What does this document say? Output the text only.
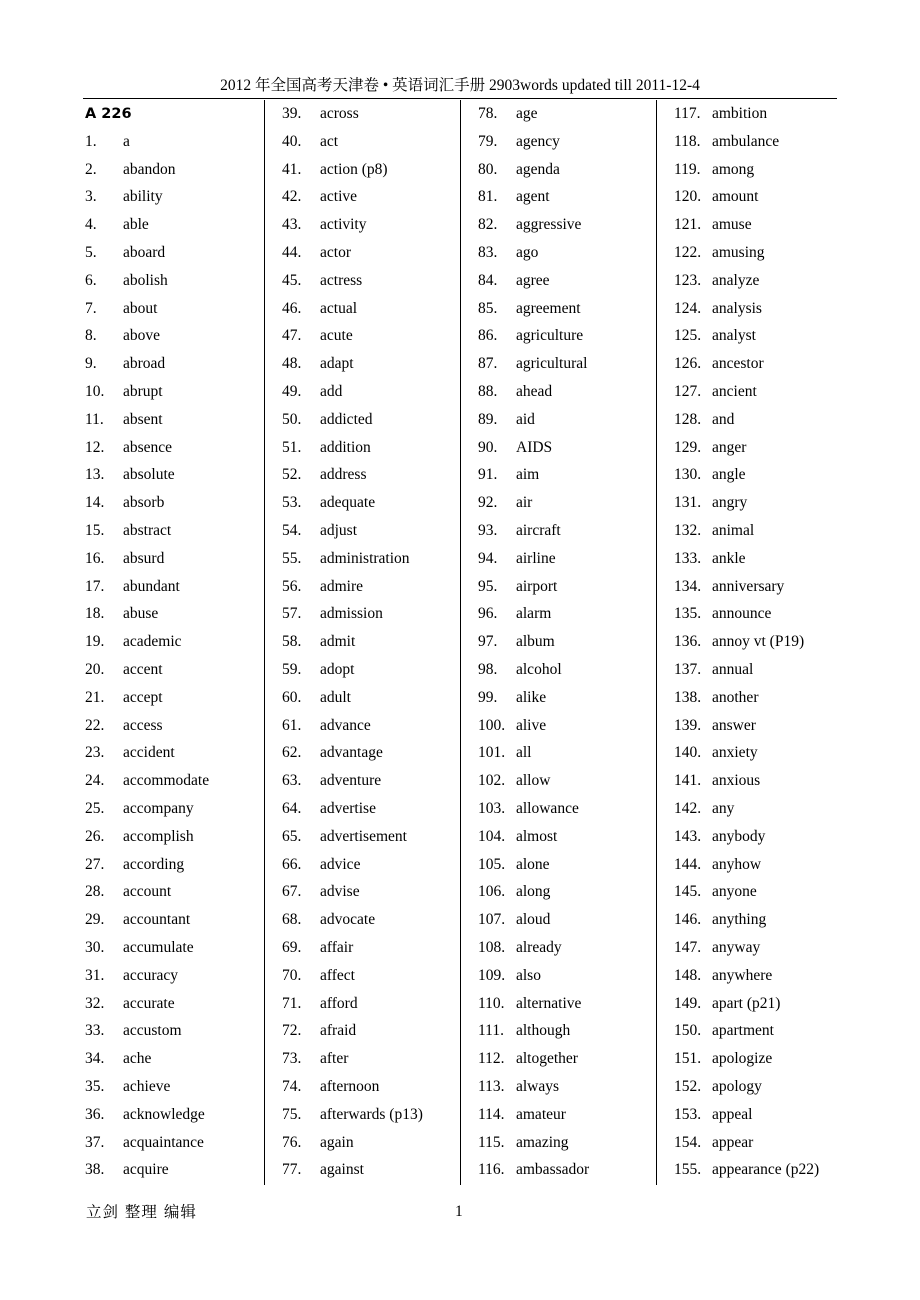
2012 年全国高考天津卷 • 英语词汇手册 2903words updated till 2011-12-4
A 226
1. a
2. abandon
3. ability
4. able
5. aboard
6. abolish
7. about
8. above
9. abroad
10. abrupt
11. absent
12. absence
13. absolute
14. absorb
15. abstract
16. absurd
17. abundant
18. abuse
19. academic
20. accent
21. accept
22. access
23. accident
24. accommodate
25. accompany
26. accomplish
27. according
28. account
29. accountant
30. accumulate
31. accuracy
32. accurate
33. accustom
34. ache
35. achieve
36. acknowledge
37. acquaintance
38. acquire
39. across
40. act
41. action (p8)
42. active
43. activity
44. actor
45. actress
46. actual
47. acute
48. adapt
49. add
50. addicted
51. addition
52. address
53. adequate
54. adjust
55. administration
56. admire
57. admission
58. admit
59. adopt
60. adult
61. advance
62. advantage
63. adventure
64. advertise
65. advertisement
66. advice
67. advise
68. advocate
69. affair
70. affect
71. afford
72. afraid
73. after
74. afternoon
75. afterwards (p13)
76. again
77. against
78. age
79. agency
80. agenda
81. agent
82. aggressive
83. ago
84. agree
85. agreement
86. agriculture
87. agricultural
88. ahead
89. aid
90. AIDS
91. aim
92. air
93. aircraft
94. airline
95. airport
96. alarm
97. album
98. alcohol
99. alike
100. alive
101. all
102. allow
103. allowance
104. almost
105. alone
106. along
107. aloud
108. already
109. also
110. alternative
111. although
112. altogether
113. always
114. amateur
115. amazing
116. ambassador
117. ambition
118. ambulance
119. among
120. amount
121. amuse
122. amusing
123. analyze
124. analysis
125. analyst
126. ancestor
127. ancient
128. and
129. anger
130. angle
131. angry
132. animal
133. ankle
134. anniversary
135. announce
136. annoy vt (P19)
137. annual
138. another
139. answer
140. anxiety
141. anxious
142. any
143. anybody
144. anyhow
145. anyone
146. anything
147. anyway
148. anywhere
149. apart (p21)
150. apartment
151. apologize
152. apology
153. appeal
154. appear
155. appearance (p22)
立剑 整理 编辑	1
